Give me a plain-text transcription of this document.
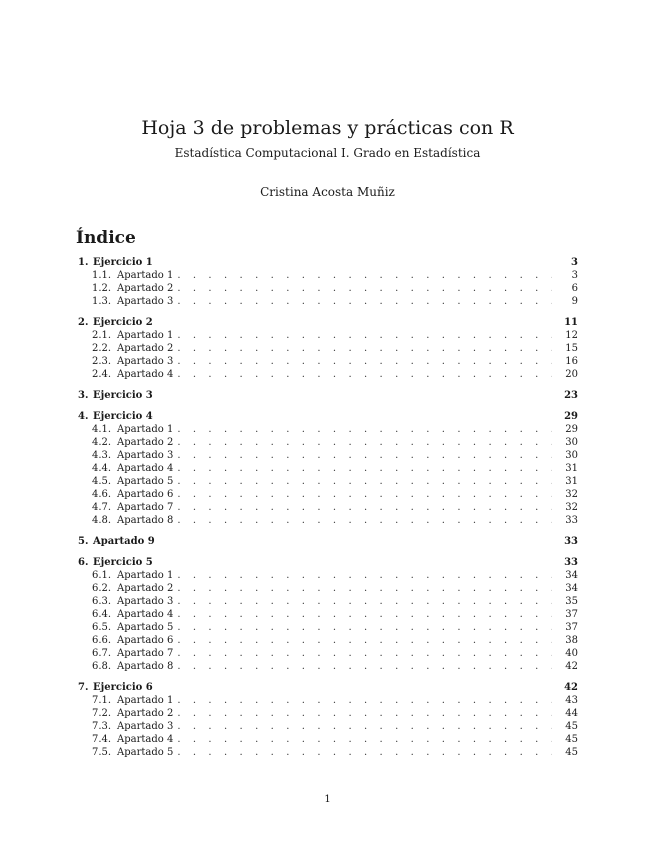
Hoja 3 de problemas y prácticas con R
Estadística Computacional I. Grado en Estadística
Cristina Acosta Muñiz
Índice
1. Ejercicio 1	3
1.1. Apartado 1 . . .	3
1.2. Apartado 2 . . .	6
1.3. Apartado 3 . . .	9
2. Ejercicio 2	11
2.1. Apartado 1 . . .	12
2.2. Apartado 2 . . .	15
2.3. Apartado 3 . . .	16
2.4. Apartado 4 . . .	20
3. Ejercicio 3	23
4. Ejercicio 4	29
4.1. Apartado 1 . . .	29
4.2. Apartado 2 . . .	30
4.3. Apartado 3 . . .	30
4.4. Apartado 4 . . .	31
4.5. Apartado 5 . . .	31
4.6. Apartado 6 . . .	32
4.7. Apartado 7 . . .	32
4.8. Apartado 8 . . .	33
5. Apartado 9	33
6. Ejercicio 5	33
6.1. Apartado 1 . . .	34
6.2. Apartado 2 . . .	34
6.3. Apartado 3 . . .	35
6.4. Apartado 4 . . .	37
6.5. Apartado 5 . . .	37
6.6. Apartado 6 . . .	38
6.7. Apartado 7 . . .	40
6.8. Apartado 8 . . .	42
7. Ejercicio 6	42
7.1. Apartado 1 . . .	43
7.2. Apartado 2 . . .	44
7.3. Apartado 3 . . .	45
7.4. Apartado 4 . . .	45
7.5. Apartado 5 . . .	45
1
